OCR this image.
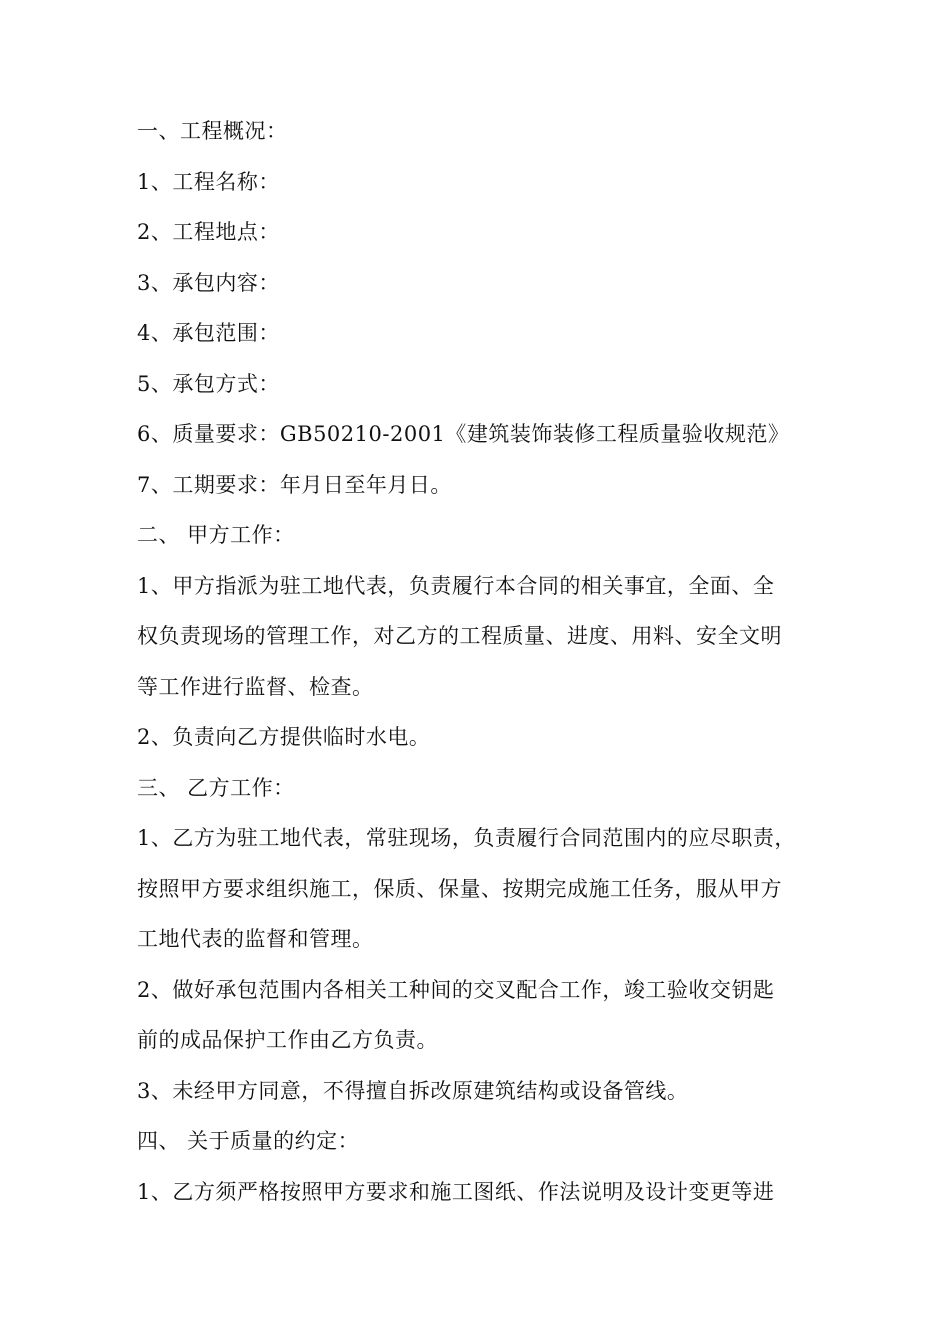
一、工程概况：
1、工程名称：
2、工程地点：
3、承包内容：
4、承包范围：
5、承包方式：
6、质量要求：GB50210-2001《建筑装饰装修工程质量验收规范》
7、工期要求：年月日至年月日。
二、 甲方工作：
1、甲方指派为驻工地代表，负责履行本合同的相关事宜，全面、全
权负责现场的管理工作，对乙方的工程质量、进度、用料、安全文明
等工作进行监督、检查。
2、负责向乙方提供临时水电。
三、 乙方工作：
1、乙方为驻工地代表，常驻现场，负责履行合同范围内的应尽职责，
按照甲方要求组织施工，保质、保量、按期完成施工任务，服从甲方
工地代表的监督和管理。
2、做好承包范围内各相关工种间的交叉配合工作，竣工验收交钥匙
前的成品保护工作由乙方负责。
3、未经甲方同意，不得擅自拆改原建筑结构或设备管线。
四、 关于质量的约定：
1、乙方须严格按照甲方要求和施工图纸、作法说明及设计变更等进
